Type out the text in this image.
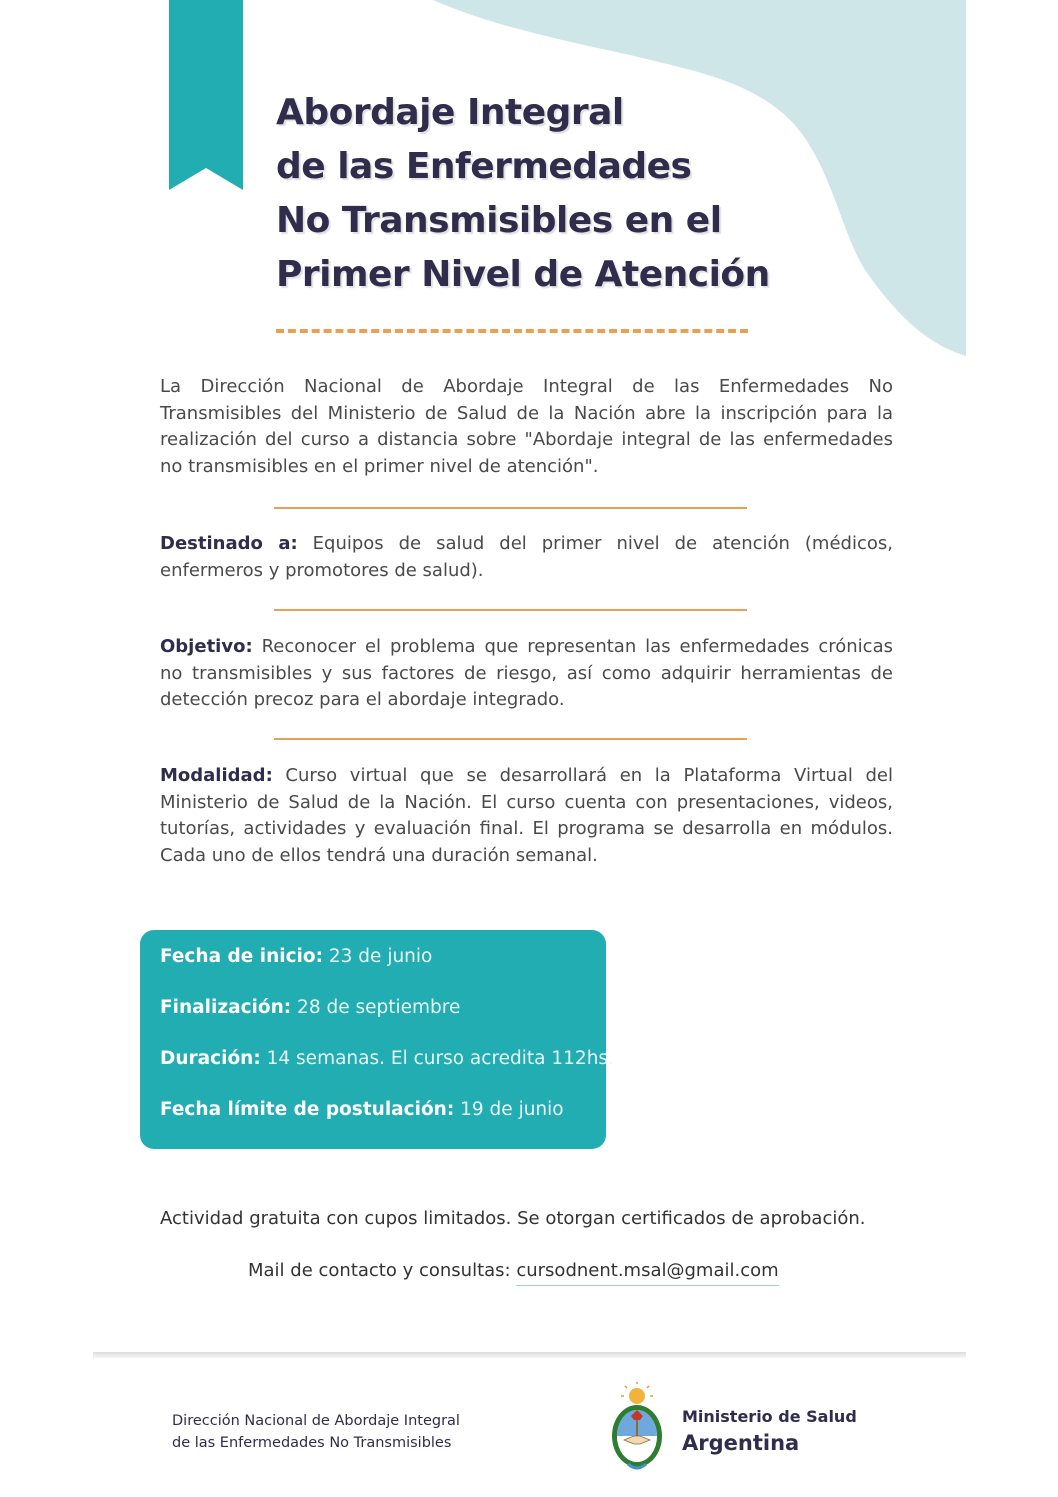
Abordaje Integral
de las Enfermedades
No Transmisibles en el
Primer Nivel de Atención

La Dirección Nacional de Abordaje Integral de las Enfermedades No Transmisibles del Ministerio de Salud de la Nación abre la inscripción para la realización del curso a distancia sobre "Abordaje integral de las enfermedades no transmisibles en el primer nivel de atención".

Destinado a: Equipos de salud del primer nivel de atención (médicos, enfermeros y promotores de salud).

Objetivo: Reconocer el problema que representan las enfermedades crónicas no transmisibles y sus factores de riesgo, así como adquirir herramientas de detección precoz para el abordaje integrado.

Modalidad: Curso virtual que se desarrollará en la Plataforma Virtual del Ministerio de Salud de la Nación. El curso cuenta con presentaciones, videos, tutorías, actividades y evaluación final. El programa se desarrolla en módulos. Cada uno de ellos tendrá una duración semanal.

Fecha de inicio: 23 de junio
Finalización: 28 de septiembre
Duración: 14 semanas. El curso acredita 112hs.
Fecha límite de postulación: 19 de junio
Actividad gratuita con cupos limitados. Se otorgan certificados de aprobación.
Mail de contacto y consultas: cursodnent.msal@gmail.com
Dirección Nacional de Abordaje Integral
de las Enfermedades No Transmisibles
Ministerio de Salud
Argentina
